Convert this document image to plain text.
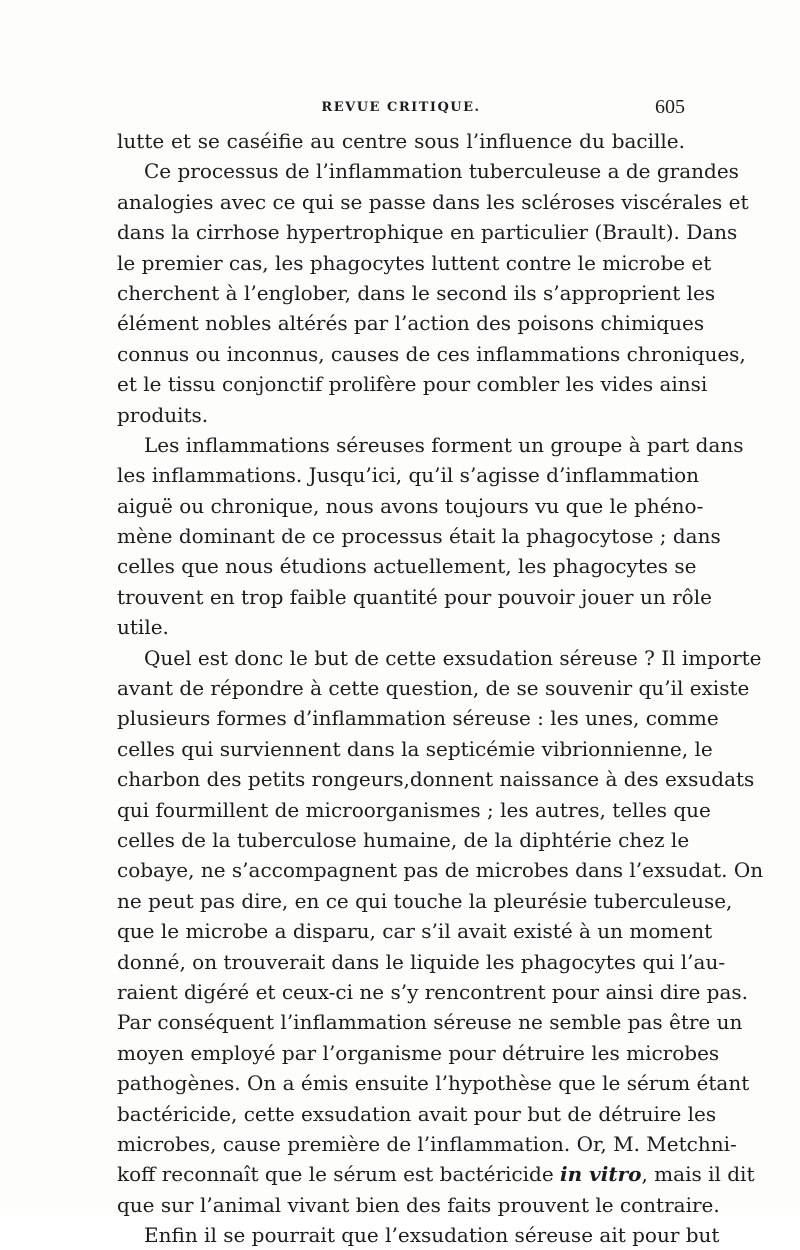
REVUE CRITIQUE.	605
lutte et se caséifie au centre sous l’influence du bacille.
Ce processus de l’inflammation tuberculeuse a de grandes
analogies avec ce qui se passe dans les scléroses viscérales et
dans la cirrhose hypertrophique en particulier (Brault). Dans
le premier cas, les phagocytes luttent contre le microbe et
cherchent à l’englober, dans le second ils s’approprient les
élément nobles altérés par l’action des poisons chimiques
connus ou inconnus, causes de ces inflammations chroniques,
et le tissu conjonctif prolifère pour combler les vides ainsi
produits.
Les inflammations séreuses forment un groupe à part dans
les inflammations. Jusqu’ici, qu’il s’agisse d’inflammation
aiguë ou chronique, nous avons toujours vu que le phéno-
mène dominant de ce processus était la phagocytose ; dans
celles que nous étudions actuellement, les phagocytes se
trouvent en trop faible quantité pour pouvoir jouer un rôle
utile.
Quel est donc le but de cette exsudation séreuse ? Il importe
avant de répondre à cette question, de se souvenir qu’il existe
plusieurs formes d’inflammation séreuse : les unes, comme
celles qui surviennent dans la septicémie vibrionnienne, le
charbon des petits rongeurs,donnent naissance à des exsudats
qui fourmillent de microorganismes ; les autres, telles que
celles de la tuberculose humaine, de la diphtérie chez le
cobaye, ne s’accompagnent pas de microbes dans l’exsudat. On
ne peut pas dire, en ce qui touche la pleurésie tuberculeuse,
que le microbe a disparu, car s’il avait existé à un moment
donné, on trouverait dans le liquide les phagocytes qui l’au-
raient digéré et ceux-ci ne s’y rencontrent pour ainsi dire pas.
Par conséquent l’inflammation séreuse ne semble pas être un
moyen employé par l’organisme pour détruire les microbes
pathogènes. On a émis ensuite l’hypothèse que le sérum étant
bactéricide, cette exsudation avait pour but de détruire les
microbes, cause première de l’inflammation. Or, M. Metchni-
koff reconnaît que le sérum est bactéricide in vitro, mais il dit
que sur l’animal vivant bien des faits prouvent le contraire.
Enfin il se pourrait que l’exsudation séreuse ait pour but
